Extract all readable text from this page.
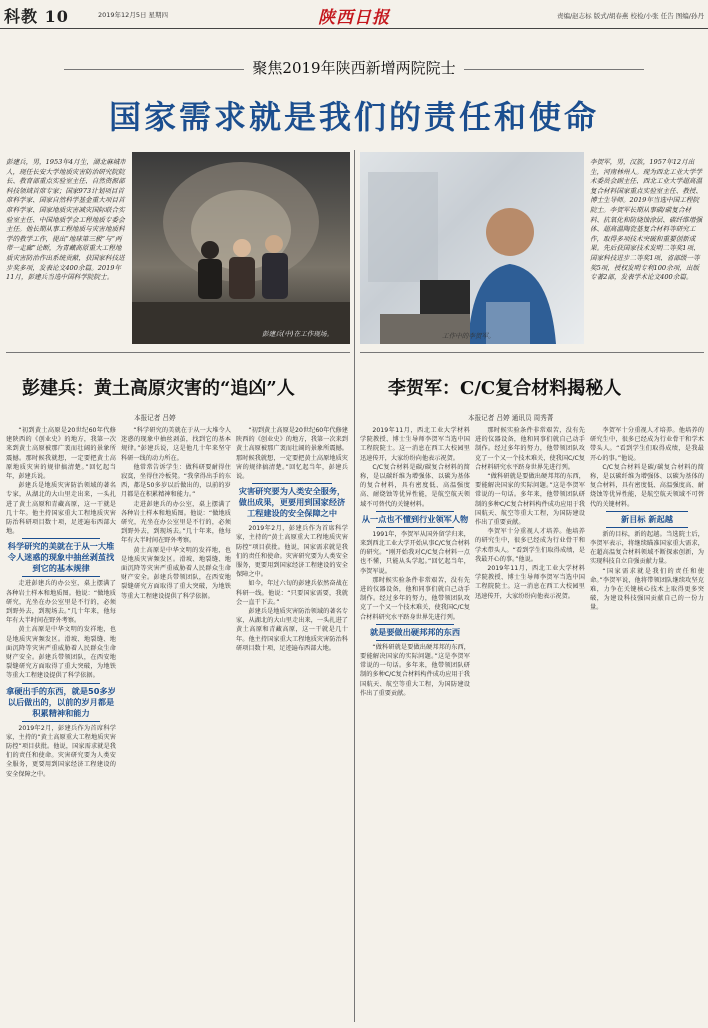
科教 10	2019年12月5日 星期四	陕西日报	责编/赵志标 版式/胡春燕 校检/小张 任告 图编/孙丹
聚焦2019年陕西新增两院院士
国家需求就是我们的责任和使命
彭建兵，男，1953年4月生，湖北麻城市人，现任长安大学地质灾害防治研究院院长、教育部重点实验室主任、自然资源部科技领域首席专家；国家973计划项目首席科学家、国家自然科学基金重大项目首席科学家、国家地质灾害减灾国际联合实验室主任、中国地质学会工程地质专委会主任。他长期从事工程地质与灾害地质科学的教学工作，提出“地球第三极”与“两带一走廊”论断，为青藏高原重大工程地质灾害防治作出系统贡献，获国家科技进步奖多项，发表论文400余篇。2019年11月，彭建兵当选中国科学院院士。
彭建兵(中)在工作现场。
彭建兵：黄土高原灾害的“追凶”人
本报记者 吕婷

“初到黄土高原是20世纪60年代修建陕西的《创业史》的地方，我第一次来到黄土高原被那广袤而壮阔的景象所震撼。那时候我就想，一定要把黄土高原地质灾害的规律搞清楚。”回忆起当年，彭建兵说。

彭建兵是地质灾害防治领域的著名专家，从湖北的大山里走出来，一头扎进了黄土高原和青藏高原，这一干就是几十年。他主持国家重大工程地质灾害防治科研项目数十项，足迹遍布西部大地。

科学研究的美就在于从一大堆令人迷惑的现象中抽丝剥茧找到它的基本规律

走进彭建兵的办公室，桌上摆满了各种岩土样本和地质图。他说：“做地质研究，光坐在办公室里是不行的，必须到野外去，到现场去。”几十年来，他每年有大半时间在野外考察。

黄土高原是中华文明的发祥地，也是地质灾害频发区。滑坡、地裂缝、地面沉降等灾害严重威胁着人民群众生命财产安全。彭建兵带领团队，在西安地裂缝研究方面取得了重大突破，为地铁等重大工程建设提供了科学依据。

拿硬出手的东西，就是50多岁以后做出的，以前的岁月都是积累精神和能力

2019年2月，彭建兵作为首席科学家，主持的“黄土高原重大工程地质灾害防控”项目获批。他说，国家需求就是我们的责任和使命。灾害研究要为人类安全服务，更要用到国家经济工程建设的安全保障之中。

“科学研究的美就在于从一大堆令人迷惑的现象中抽丝剥茧，找到它的基本规律。”彭建兵说，这是他几十年来坚守科研一线的动力所在。

他常常告诉学生：做科研要耐得住寂寞，坐得住冷板凳。“我拿得出手的东西，都是50多岁以后做出的，以前的岁月都是在积累精神和能力。”

走进彭建兵的办公室，桌上摆满了各种岩土样本和地质图。他说：“做地质研究，光坐在办公室里是不行的，必须到野外去，到现场去。”几十年来，他每年有大半时间在野外考察。

黄土高原是中华文明的发祥地，也是地质灾害频发区。滑坡、地裂缝、地面沉降等灾害严重威胁着人民群众生命财产安全。彭建兵带领团队，在西安地裂缝研究方面取得了重大突破，为地铁等重大工程建设提供了科学依据。

“初到黄土高原是20世纪60年代修建陕西的《创业史》的地方，我第一次来到黄土高原被那广袤而壮阔的景象所震撼。那时候我就想，一定要把黄土高原地质灾害的规律搞清楚。”回忆起当年，彭建兵说。

灾害研究要为人类安全服务，做出成果，更要用到国家经济工程建设的安全保障之中

2019年2月，彭建兵作为首席科学家，主持的“黄土高原重大工程地质灾害防控”项目获批。他说，国家需求就是我们的责任和使命。灾害研究要为人类安全服务，更要用到国家经济工程建设的安全保障之中。

如今，年过六旬的彭建兵依然奋战在科研一线。他说：“只要国家需要，我就会一直干下去。”

彭建兵是地质灾害防治领域的著名专家，从湖北的大山里走出来，一头扎进了黄土高原和青藏高原，这一干就是几十年。他主持国家重大工程地质灾害防治科研项目数十项，足迹遍布西部大地。

工作中的李贺军。
李贺军，男，汉族，1957年12月出生，河南林州人。现为西北工业大学学术委员会副主任、西北工业大学超高温复合材料国家重点实验室主任、教授、博士生导师。2019年当选中国工程院院士。李贺军长期从事碳/碳复合材料、抗氧化和防烧蚀涂层、碳纤维增强体、超高温陶瓷基复合材料等研究工作，取得多项技术突破和重要创新成果。先后获国家技术发明二等奖1项、国家科技进步二等奖1项、省部级一等奖5项，授权发明专利100余项，出版专著2部，发表学术论文400余篇。
李贺军：C/C复合材料揭秘人
本报记者 吕婷 通讯员 周秀菁

2019年11月，西北工业大学材料学院教授、博士生导师李贺军当选中国工程院院士。这一消息在西工大校园里迅速传开，大家纷纷向他表示祝贺。

C/C复合材料是碳/碳复合材料的简称，是以碳纤维为增强体、以碳为基体的复合材料，具有密度低、高温强度高、耐烧蚀等优异性能，是航空航天领域不可替代的关键材料。

从一点也不懂到行业领军人物

1991年，李贺军从国外留学归来，来到西北工业大学开始从事C/C复合材料的研究。“刚开始我对C/C复合材料一点也不懂，只能从头学起。”回忆起当年，李贺军说。

那时候实验条件非常艰苦，没有先进的仪器设备，他和同事们就自己动手制作。经过多年的努力，他带领团队攻克了一个又一个技术难关，使我国C/C复合材料研究水平跻身世界先进行列。

就是要做出硬邦邦的东西

“做科研就是要做出硬邦邦的东西，要能解决国家的实际问题。”这是李贺军常说的一句话。多年来，他带领团队研制的多种C/C复合材料构件成功应用于我国航天、航空等重大工程，为国防建设作出了重要贡献。

那时候实验条件非常艰苦，没有先进的仪器设备，他和同事们就自己动手制作。经过多年的努力，他带领团队攻克了一个又一个技术难关，使我国C/C复合材料研究水平跻身世界先进行列。

“做科研就是要做出硬邦邦的东西，要能解决国家的实际问题。”这是李贺军常说的一句话。多年来，他带领团队研制的多种C/C复合材料构件成功应用于我国航天、航空等重大工程，为国防建设作出了重要贡献。

李贺军十分重视人才培养。他培养的研究生中，很多已经成为行业骨干和学术带头人。“看到学生们取得成绩，是我最开心的事。”他说。

2019年11月，西北工业大学材料学院教授、博士生导师李贺军当选中国工程院院士。这一消息在西工大校园里迅速传开，大家纷纷向他表示祝贺。

李贺军十分重视人才培养。他培养的研究生中，很多已经成为行业骨干和学术带头人。“看到学生们取得成绩，是我最开心的事。”他说。

C/C复合材料是碳/碳复合材料的简称，是以碳纤维为增强体、以碳为基体的复合材料，具有密度低、高温强度高、耐烧蚀等优异性能，是航空航天领域不可替代的关键材料。

新目标 新起越

新的目标，新的起越。当选院士后，李贺军表示，将继续瞄准国家重大需求，在超高温复合材料领域不断探索创新，为实现科技自立自强贡献力量。

“国家需求就是我们的责任和使命。”李贺军说，他将带领团队继续攻坚克难，力争在关键核心技术上取得更多突破，为建设科技强国贡献自己的一份力量。
